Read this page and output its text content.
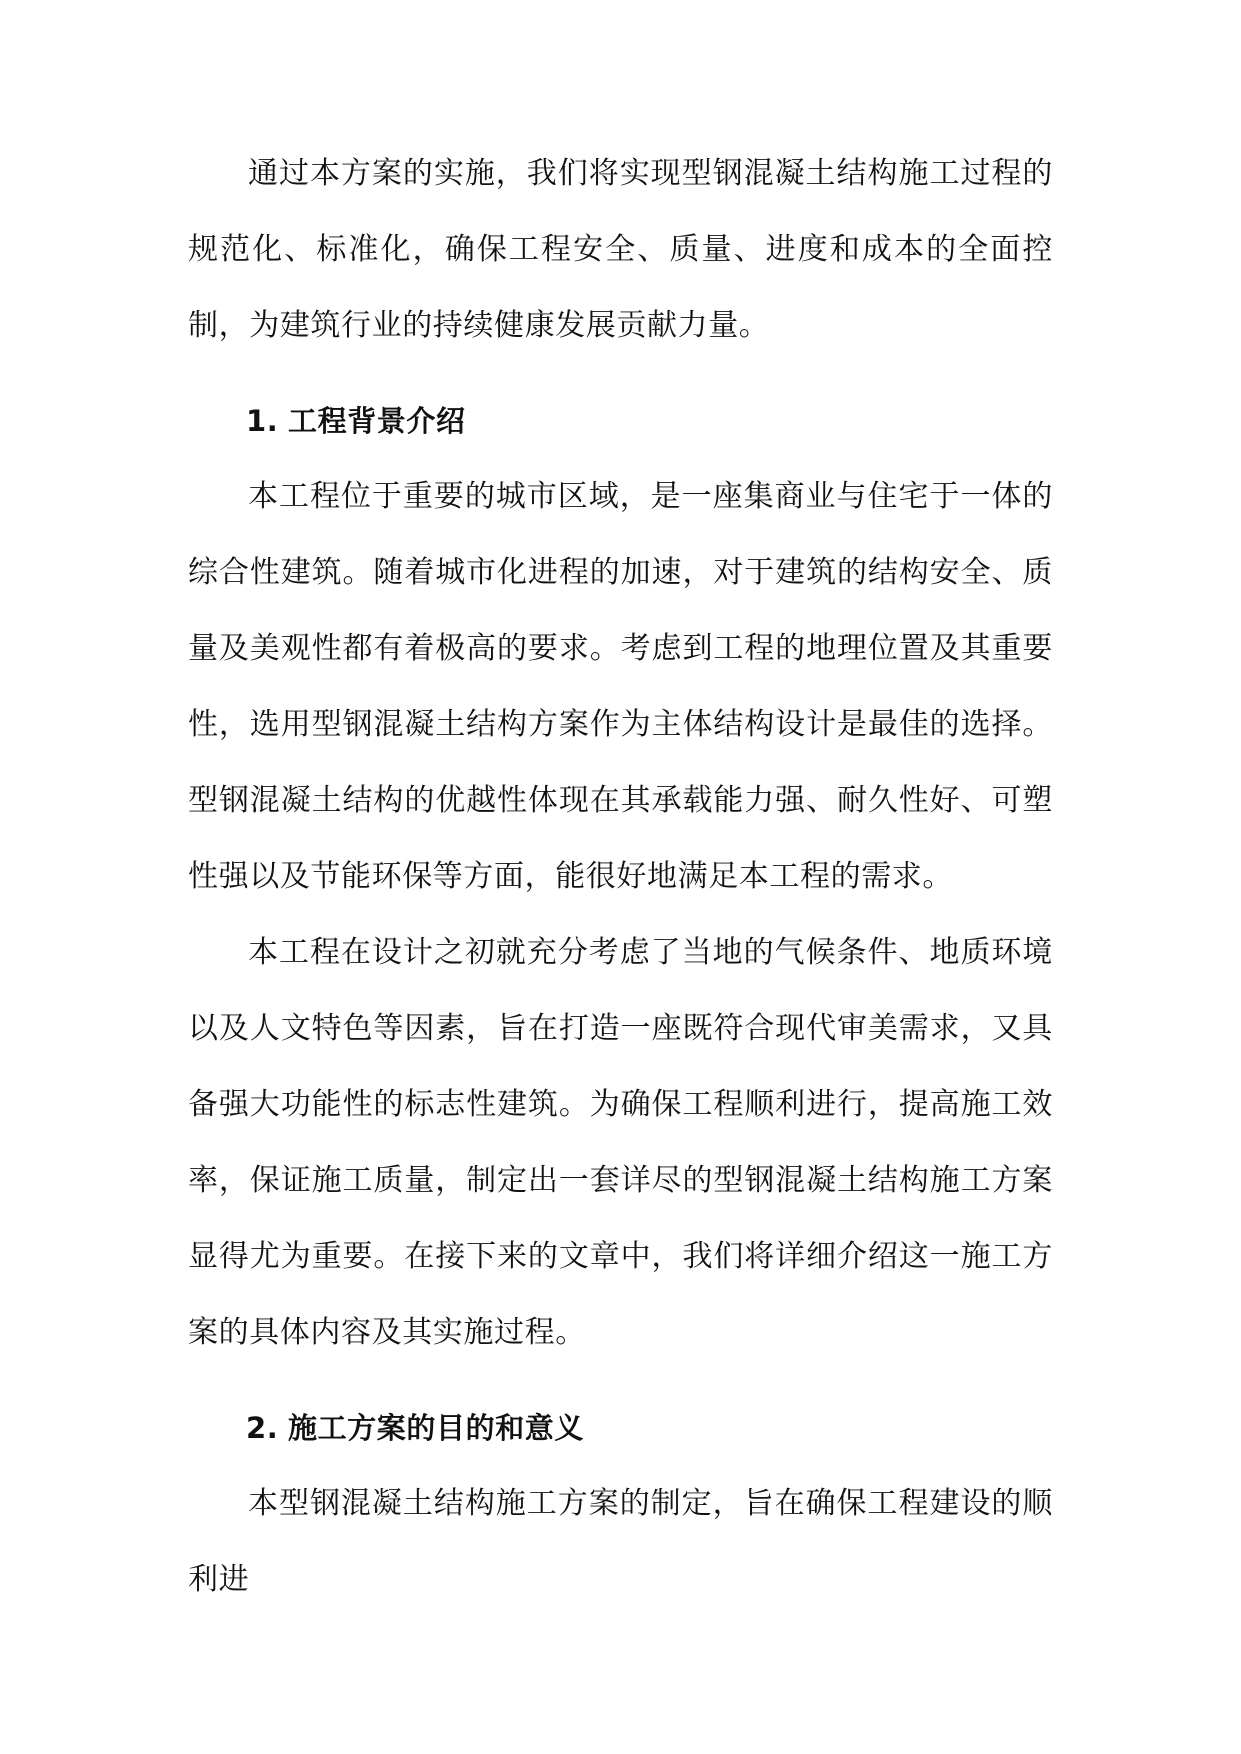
通过本方案的实施，我们将实现型钢混凝土结构施工过程的规范化、标准化，确保工程安全、质量、进度和成本的全面控制，为建筑行业的持续健康发展贡献力量。

1. 工程背景介绍

本工程位于重要的城市区域，是一座集商业与住宅于一体的综合性建筑。随着城市化进程的加速，对于建筑的结构安全、质量及美观性都有着极高的要求。考虑到工程的地理位置及其重要性，选用型钢混凝土结构方案作为主体结构设计是最佳的选择。型钢混凝土结构的优越性体现在其承载能力强、耐久性好、可塑性强以及节能环保等方面，能很好地满足本工程的需求。

本工程在设计之初就充分考虑了当地的气候条件、地质环境以及人文特色等因素，旨在打造一座既符合现代审美需求，又具备强大功能性的标志性建筑。为确保工程顺利进行，提高施工效率，保证施工质量，制定出一套详尽的型钢混凝土结构施工方案显得尤为重要。在接下来的文章中，我们将详细介绍这一施工方案的具体内容及其实施过程。

2. 施工方案的目的和意义

本型钢混凝土结构施工方案的制定，旨在确保工程建设的顺利进
